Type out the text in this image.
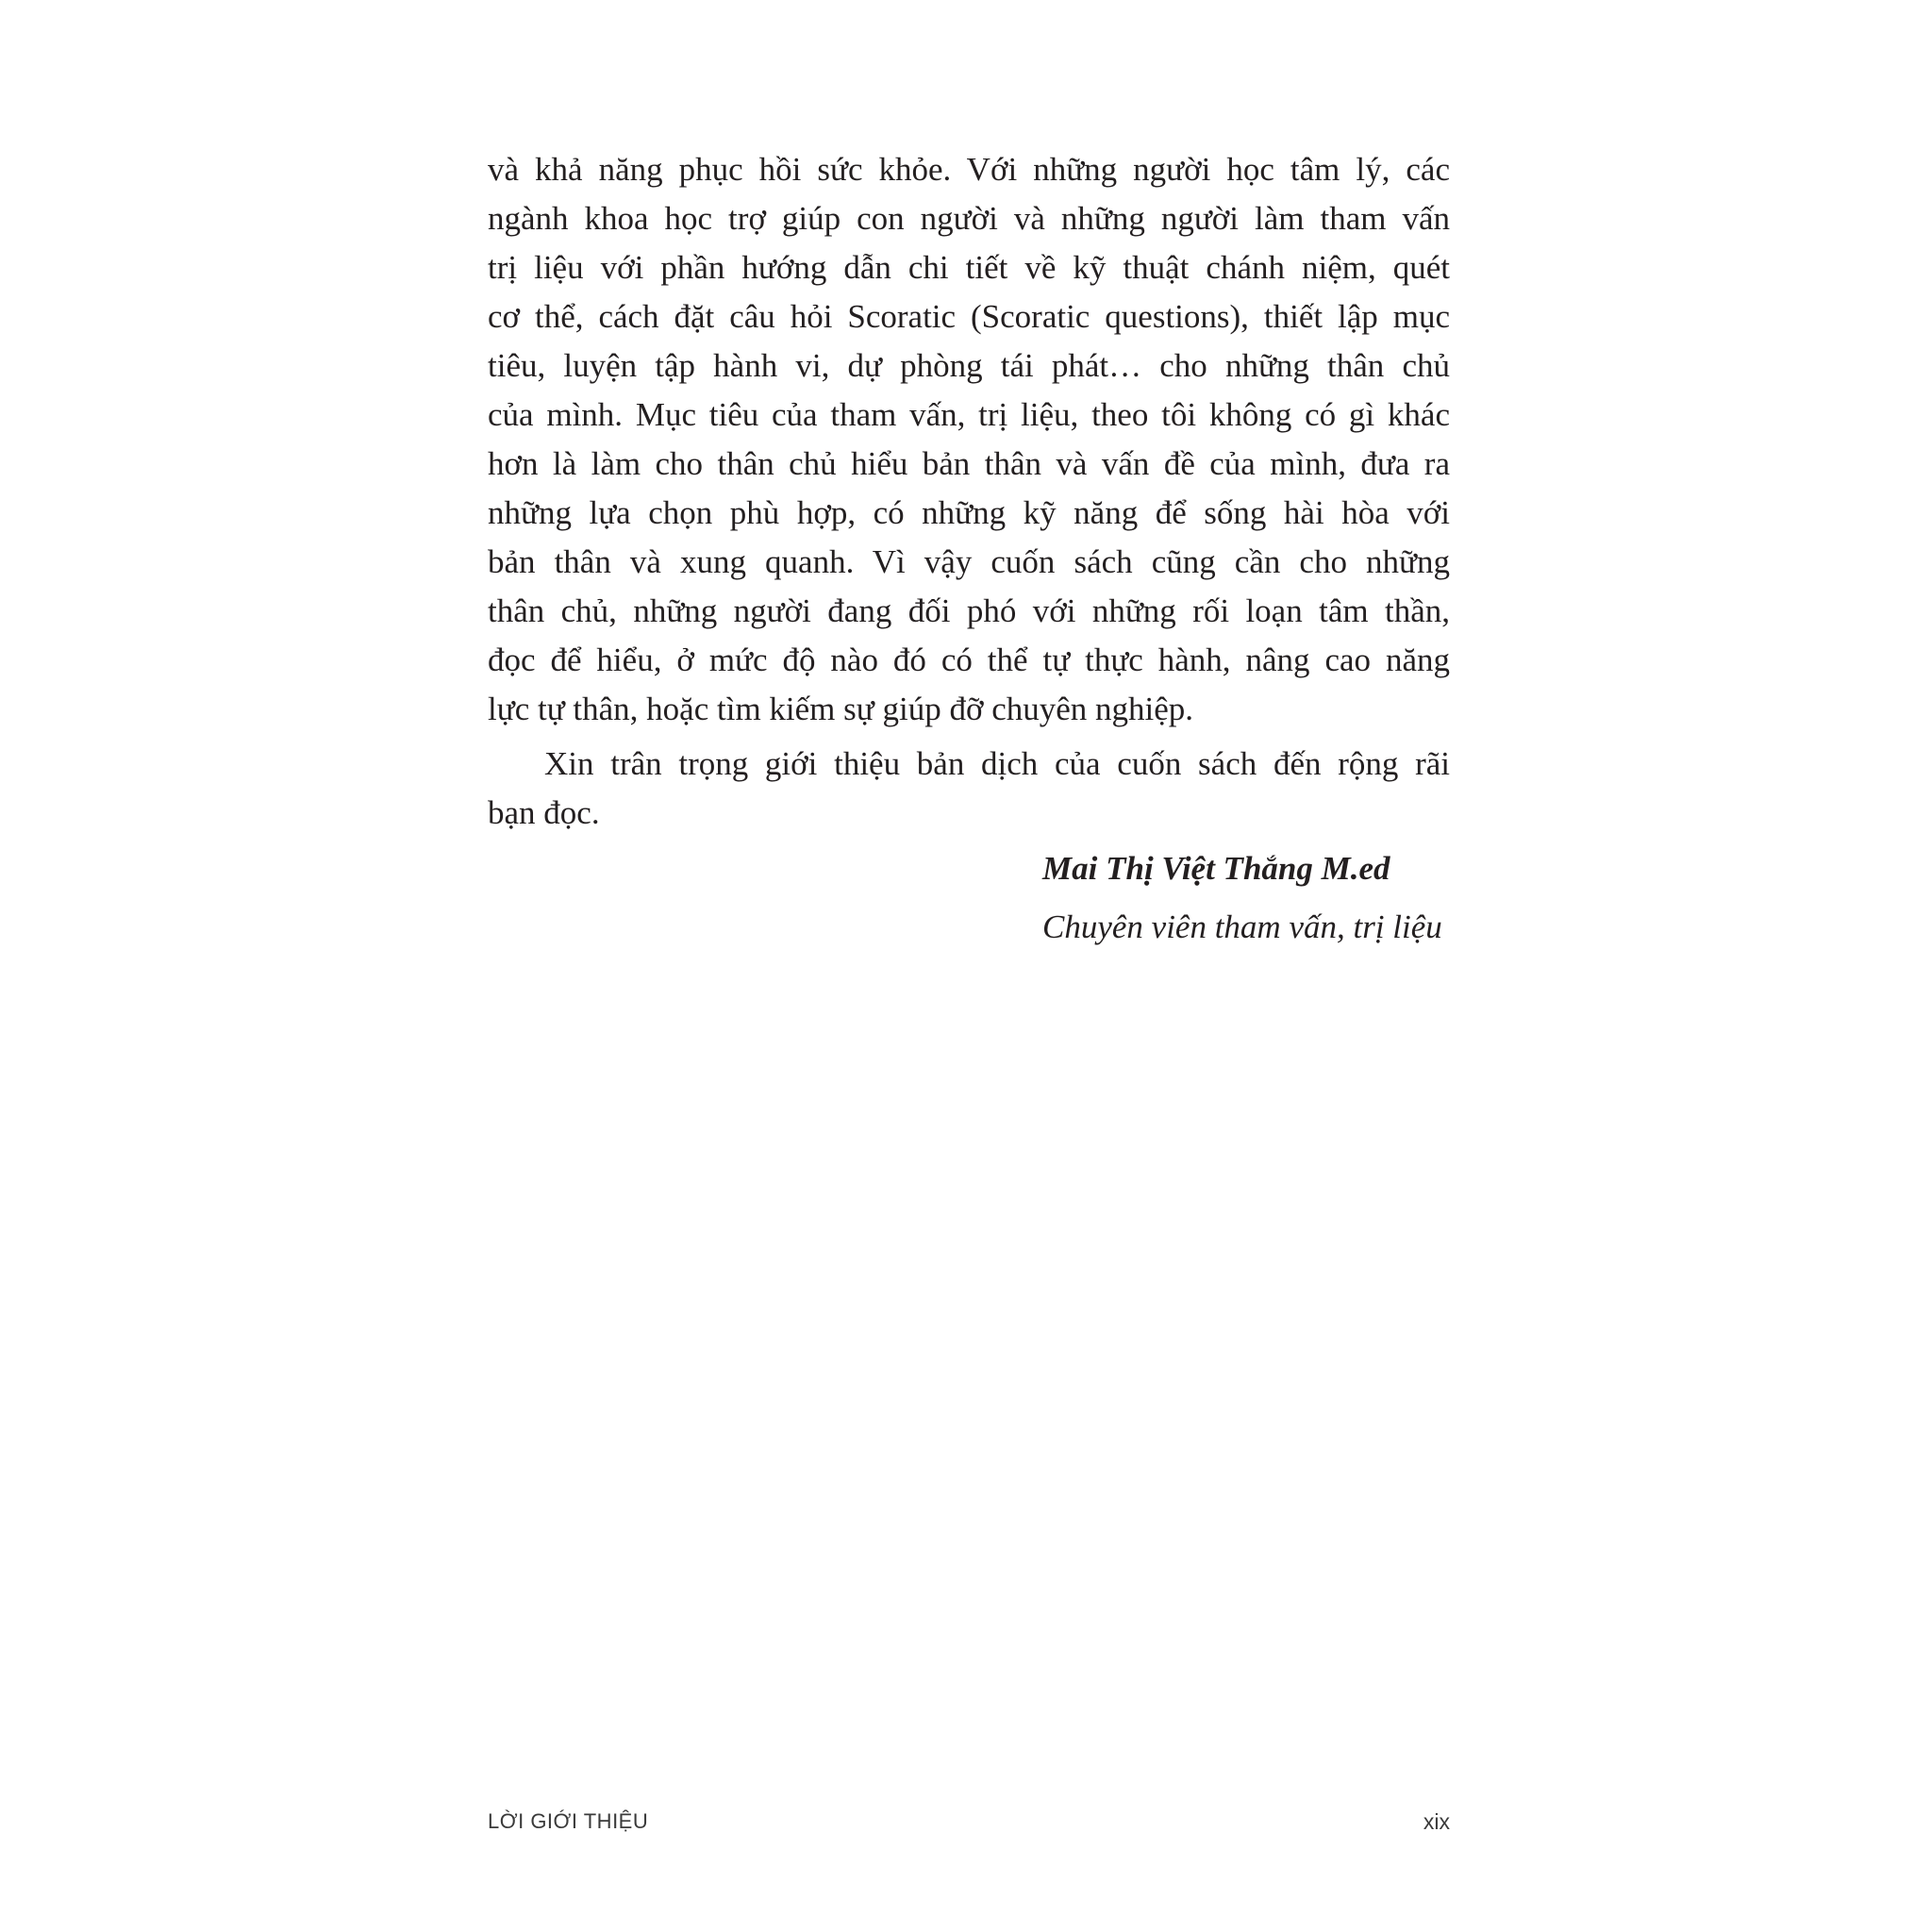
và khả năng phục hồi sức khỏe. Với những người học tâm lý, các
ngành khoa học trợ giúp con người và những người làm tham vấn
trị liệu với phần hướng dẫn chi tiết về kỹ thuật chánh niệm, quét
cơ thể, cách đặt câu hỏi Scoratic (Scoratic questions), thiết lập mục
tiêu, luyện tập hành vi, dự phòng tái phát… cho những thân chủ
của mình. Mục tiêu của tham vấn, trị liệu, theo tôi không có gì khác
hơn là làm cho thân chủ hiểu bản thân và vấn đề của mình, đưa ra
những lựa chọn phù hợp, có những kỹ năng để sống hài hòa với
bản thân và xung quanh. Vì vậy cuốn sách cũng cần cho những
thân chủ, những người đang đối phó với những rối loạn tâm thần,
đọc để hiểu, ở mức độ nào đó có thể tự thực hành, nâng cao năng
lực tự thân, hoặc tìm kiếm sự giúp đỡ chuyên nghiệp.
Xin trân trọng giới thiệu bản dịch của cuốn sách đến rộng rãi
bạn đọc.
Mai Thị Việt Thắng M.ed
Chuyên viên tham vấn, trị liệu
LỜI GIỚI THIỆU	xix
